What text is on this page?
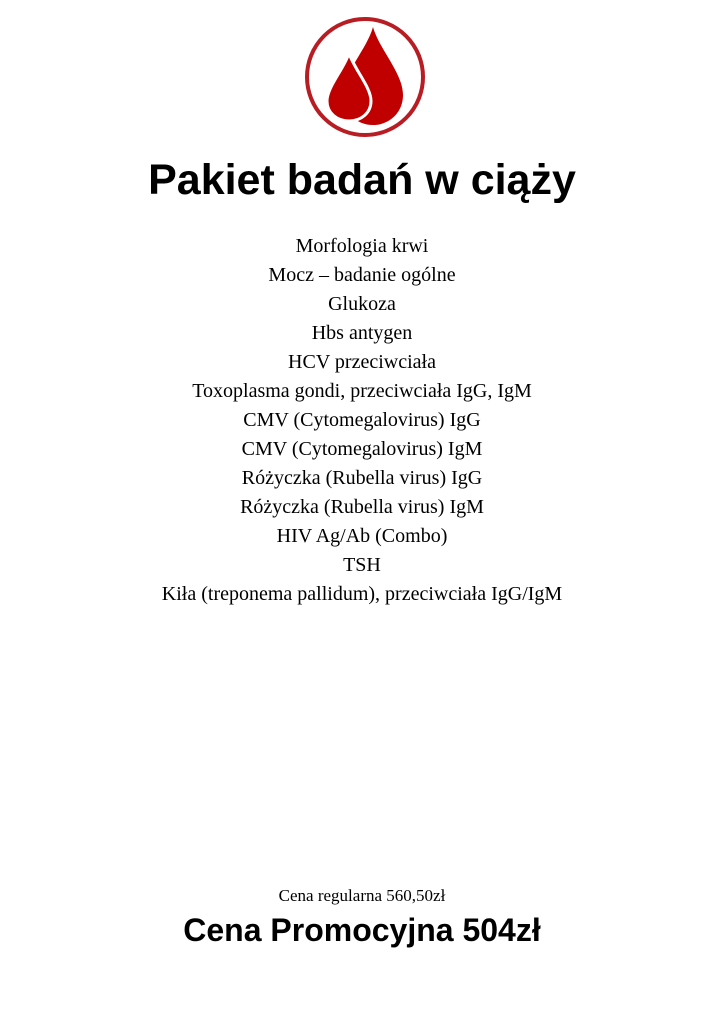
Pakiet badań w ciąży
Morfologia krwi
Mocz – badanie ogólne
Glukoza
Hbs antygen
HCV przeciwciała
Toxoplasma gondi, przeciwciała IgG, IgM
CMV (Cytomegalovirus) IgG
CMV (Cytomegalovirus) IgM
Różyczka (Rubella virus) IgG
Różyczka (Rubella virus) IgM
HIV Ag/Ab (Combo)
TSH
Kiła (treponema pallidum), przeciwciała IgG/IgM

Cena regularna 560,50zł

Cena Promocyjna 504zł
